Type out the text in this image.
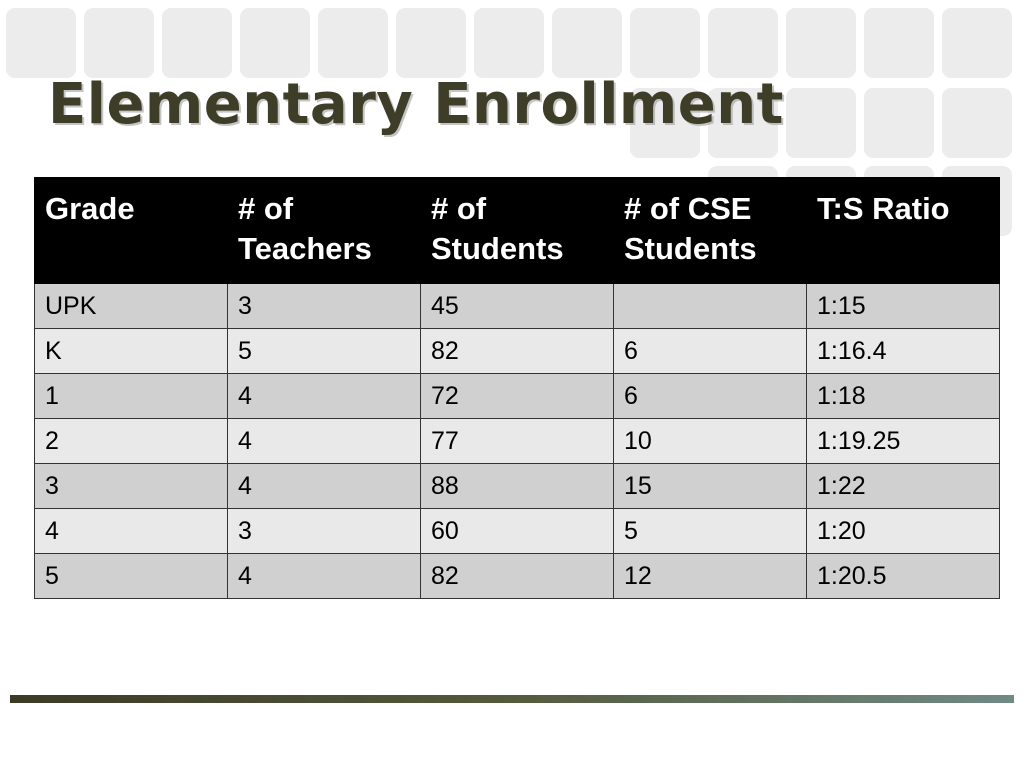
Elementary Enrollment
Grade	# of Teachers	# of Students	# of CSE Students	T:S Ratio
UPK	3	45		1:15
K	5	82	6	1:16.4
1	4	72	6	1:18
2	4	77	10	1:19.25
3	4	88	15	1:22
4	3	60	5	1:20
5	4	82	12	1:20.5
